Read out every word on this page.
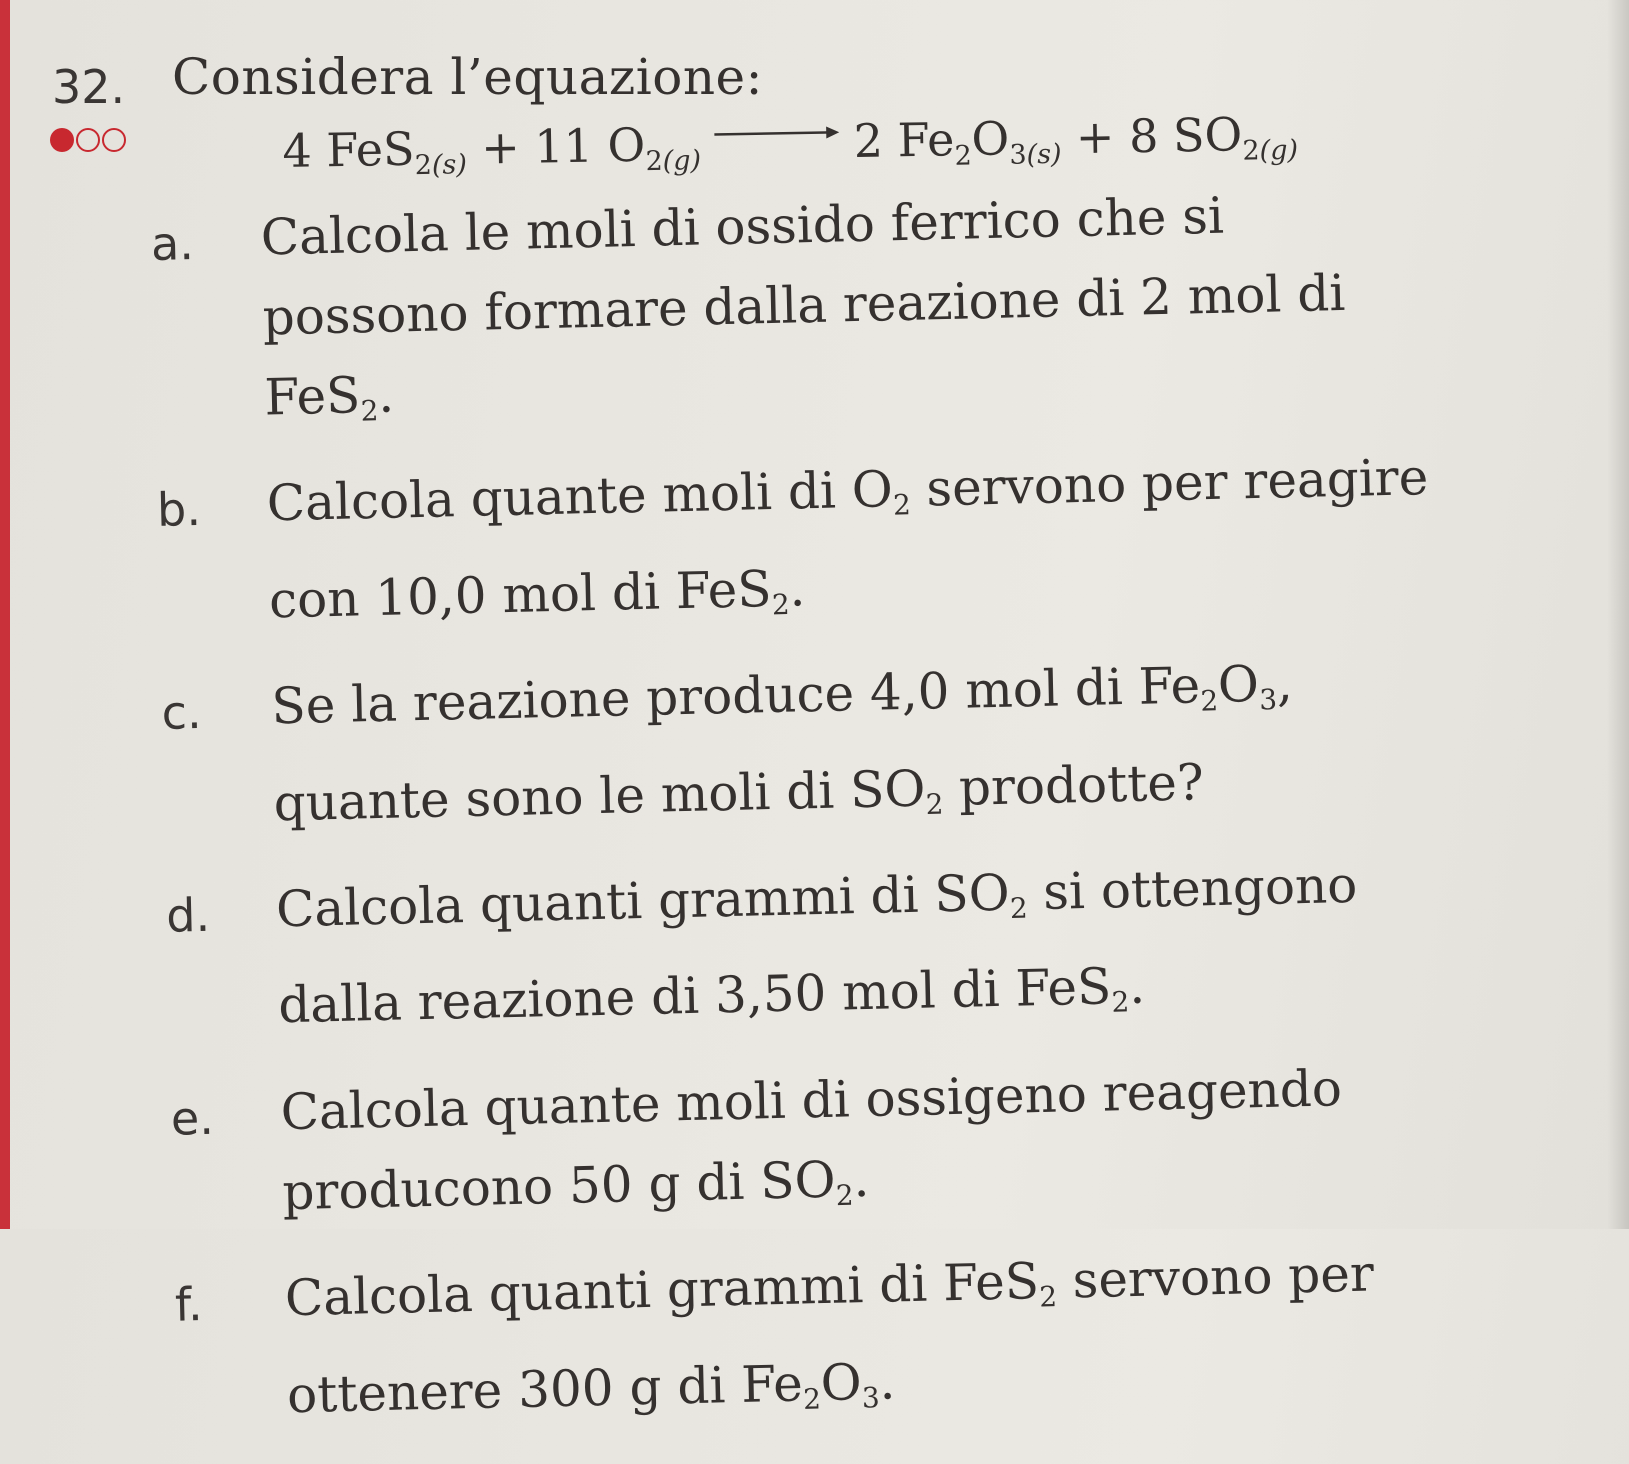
32. Considera l’equazione:
4 FeS$_{2(s)}$
+ 11 $O_{2(g)}$	2 $Fe_2O_{3(s)}$
+ 8 $SO_{2(g)}$
a.	Calcola le moli di ossido ferrico che si possono formare dalla reazione di 2 mol di FeS$_2$.
b.	Calcola quante moli di $O_2$ servono per reagire con 10,0 mol di FeS$_2$.
c.	Se la reazione produce 4,0 mol di $Fe_2O_3$, quante sono le moli di $SO_2$ prodotte?
d.	Calcola quanti grammi di $SO_2$ si ottengono dalla reazione di 3,50 mol di FeS$_2$.
e.	Calcola quante moli di ossigeno reagendo producono 50 g di $SO_2$.
f.	Calcola quanti grammi di FeS$_2$ servono per ottenere 300 g di $Fe_2O_3$.
